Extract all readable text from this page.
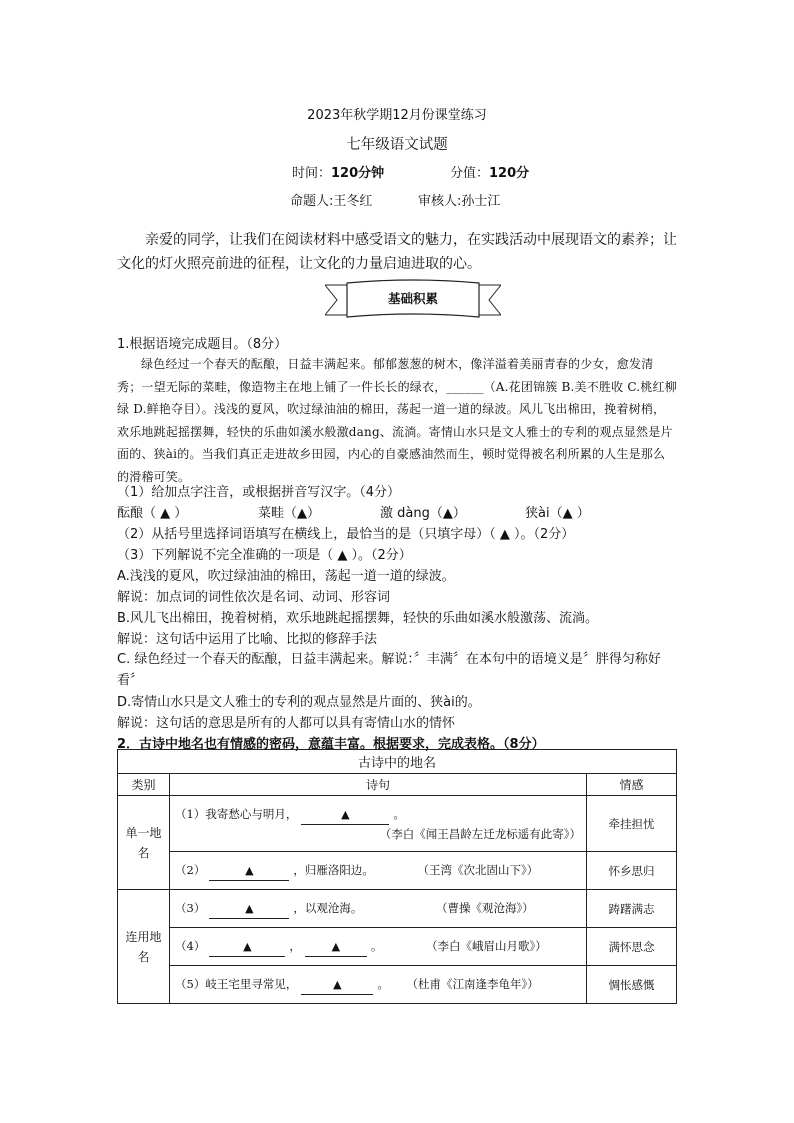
2023年秋学期12月份课堂练习
七年级语文试题
时间：120分钟	分值：120分
命题人:王冬红	审核人:孙士江
亲爱的同学，让我们在阅读材料中感受语文的魅力，在实践活动中展现语文的素养；让文化的灯火照亮前进的征程，让文化的力量启迪进取的心。
基础积累
1.根据语境完成题目。（8分）
绿色经过一个春天的酝酿，日益丰满起来。郁郁葱葱的树木，像洋溢着美丽青春的少女，愈发清秀；一望无际的菜畦，像造物主在地上铺了一件长长的绿衣，______（A.花团锦簇 B.美不胜收 C.桃红柳绿 D.鲜艳夺目）。浅浅的夏风，吹过绿油油的棉田，荡起一道一道的绿波。风儿飞出棉田，挽着树梢，欢乐地跳起摇摆舞，轻快的乐曲如溪水般激dang、流淌。寄情山水只是文人雅士的专利的观点显然是片面的、狭ài的。当我们真正走进故乡田园，内心的自豪感油然而生，顿时觉得被名利所累的人生是那么的滑稽可笑。
（1）给加点字注音，或根据拼音写汉字。（4分）
酝酿（ ▲ ）	菜畦（▲）	激 dàng（▲）	狭ài（▲ ）
（2）从括号里选择词语填写在横线上，最恰当的是（只填字母）（ ▲ ）。（2分）
（3）下列解说不完全准确的一项是（ ▲ ）。（2分）
A.浅浅的夏风，吹过绿油油的棉田，荡起一道一道的绿波。
解说：加点词的词性依次是名词、动词、形容词
B.风儿飞出棉田，挽着树梢，欢乐地跳起摇摆舞，轻快的乐曲如溪水般激荡、流淌。
解说：这句话中运用了比喻、比拟的修辞手法
C. 绿色经过一个春天的酝酿，日益丰满起来。解说：〞丰满〞在本句中的语境义是〞胖得匀称好看〞
D.寄情山水只是文人雅士的专利的观点显然是片面的、狭ài的。
解说：这句话的意思是所有的人都可以具有寄情山水的情怀
2．古诗中地名也有情感的密码，意蕴丰富。根据要求，完成表格。（8分）
古诗中的地名		
类别	诗句	情感
单一地名	（1）我寄愁心与明月， ▲ 。
（李白《闻王昌龄左迁龙标遥有此寄》）	牵挂担忧
	（2） ▲ ，归雁洛阳边。 （王湾《次北固山下》）	怀乡思归
连用地名	（3） ▲ ，以观沧海。 （曹操《观沧海》）	踌躇满志
	（4） ▲ ， ▲ 。 （李白《峨眉山月歌》）	满怀思念
	（5）岐王宅里寻常见， ▲ 。 （杜甫《江南逢李龟年》）	惆怅感慨
